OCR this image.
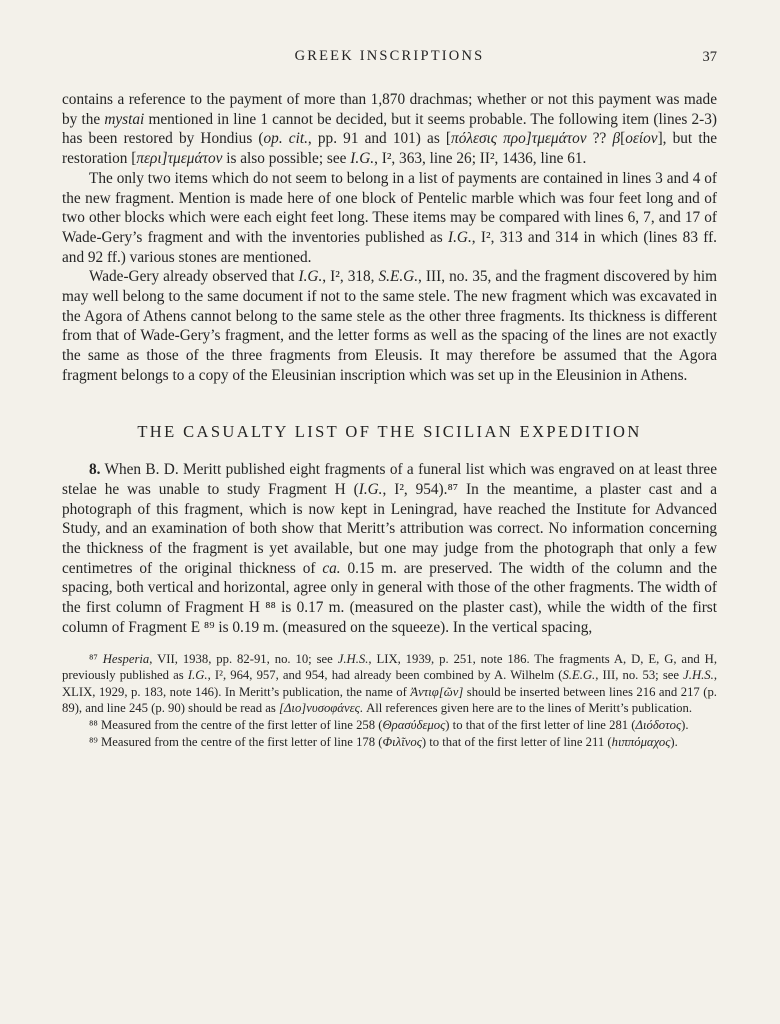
GREEK INSCRIPTIONS	37

contains a reference to the payment of more than 1,870 drachmas; whether or not this payment was made by the mystai mentioned in line 1 cannot be decided, but it seems probable. The following item (lines 2-3) has been restored by Hondius (op. cit., pp. 91 and 101) as [πόλεσις προ]τμεμάτον ?? β[οείον], but the restoration [περι]τμεμάτον is also possible; see I.G., I², 363, line 26; II², 1436, line 61.

The only two items which do not seem to belong in a list of payments are contained in lines 3 and 4 of the new fragment. Mention is made here of one block of Pentelic marble which was four feet long and of two other blocks which were each eight feet long. These items may be compared with lines 6, 7, and 17 of Wade-Gery’s fragment and with the inventories published as I.G., I², 313 and 314 in which (lines 83 ff. and 92 ff.) various stones are mentioned.

Wade-Gery already observed that I.G., I², 318, S.E.G., III, no. 35, and the fragment discovered by him may well belong to the same document if not to the same stele. The new fragment which was excavated in the Agora of Athens cannot belong to the same stele as the other three fragments. Its thickness is different from that of Wade-Gery’s fragment, and the letter forms as well as the spacing of the lines are not exactly the same as those of the three fragments from Eleusis. It may therefore be assumed that the Agora fragment belongs to a copy of the Eleusinian inscription which was set up in the Eleusinion in Athens.

THE CASUALTY LIST OF THE SICILIAN EXPEDITION

8. When B. D. Meritt published eight fragments of a funeral list which was engraved on at least three stelae he was unable to study Fragment H (I.G., I², 954).⁸⁷ In the meantime, a plaster cast and a photograph of this fragment, which is now kept in Leningrad, have reached the Institute for Advanced Study, and an examination of both show that Meritt’s attribution was correct. No information concerning the thickness of the fragment is yet available, but one may judge from the photograph that only a few centimetres of the original thickness of ca. 0.15 m. are preserved. The width of the column and the spacing, both vertical and horizontal, agree only in general with those of the other fragments. The width of the first column of Fragment H ⁸⁸ is 0.17 m. (measured on the plaster cast), while the width of the first column of Fragment E ⁸⁹ is 0.19 m. (measured on the squeeze). In the vertical spacing,

⁸⁷ Hesperia, VII, 1938, pp. 82-91, no. 10; see J.H.S., LIX, 1939, p. 251, note 186. The fragments A, D, E, G, and H, previously published as I.G., I², 964, 957, and 954, had already been combined by A. Wilhelm (S.E.G., III, no. 53; see J.H.S., XLIX, 1929, p. 183, note 146). In Meritt’s publication, the name of Ἀντιφ[ῶν] should be inserted between lines 216 and 217 (p. 89), and line 245 (p. 90) should be read as [Διο]νυσοφάνες. All references given here are to the lines of Meritt’s publication.

⁸⁸ Measured from the centre of the first letter of line 258 (Θρασύδεμος) to that of the first letter of line 281 (Διόδοτος).

⁸⁹ Measured from the centre of the first letter of line 178 (Φιλῖνος) to that of the first letter of line 211 (hιππόμαχος).
